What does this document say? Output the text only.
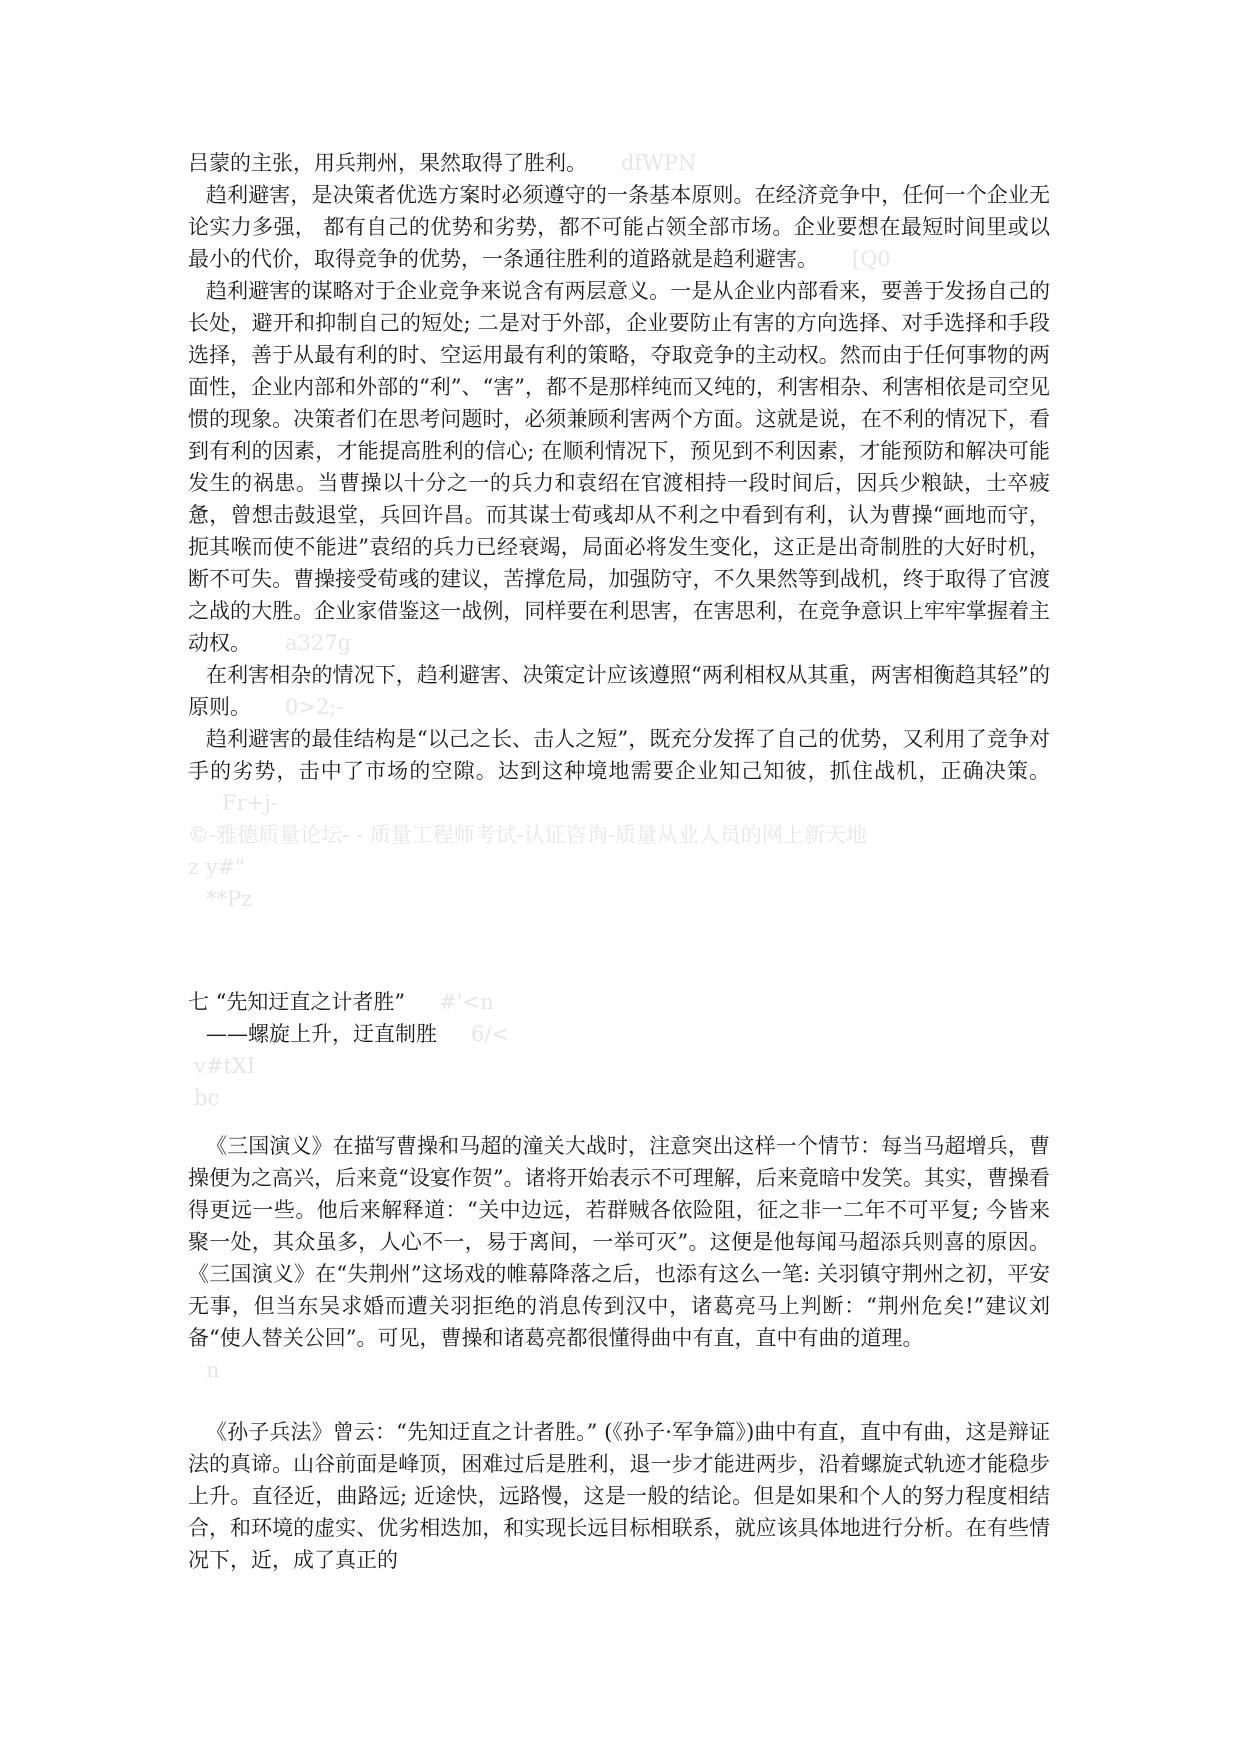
吕蒙的主张，用兵荆州，果然取得了胜利。 dfWPN

趋利避害，是决策者优选方案时必须遵守的一条基本原则。在经济竞争中，任何一个企业无论实力多强， 都有自己的优势和劣势，都不可能占领全部市场。企业要想在最短时间里或以最小的代价，取得竞争的优势，一条通往胜利的道路就是趋利避害。 [Q0

趋利避害的谋略对于企业竞争来说含有两层意义。一是从企业内部看来，要善于发扬自己的长处，避开和抑制自己的短处; 二是对于外部，企业要防止有害的方向选择、对手选择和手段选择，善于从最有利的时、空运用最有利的策略，夺取竞争的主动权。然而由于任何事物的两面性，企业内部和外部的“利”、“害”，都不是那样纯而又纯的，利害相杂、利害相依是司空见惯的现象。决策者们在思考问题时，必须兼顾利害两个方面。这就是说，在不利的情况下，看到有利的因素，才能提高胜利的信心; 在顺利情况下，预见到不利因素，才能预防和解决可能发生的祸患。当曹操以十分之一的兵力和袁绍在官渡相持一段时间后，因兵少粮缺，士卒疲惫，曾想击鼓退堂，兵回许昌。而其谋士荀彧却从不利之中看到有利，认为曹操“画地而守，扼其喉而使不能进”袁绍的兵力已经衰竭，局面必将发生变化，这正是出奇制胜的大好时机，断不可失。曹操接受荀彧的建议，苦撑危局，加强防守，不久果然等到战机，终于取得了官渡之战的大胜。企业家借鉴这一战例，同样要在利思害，在害思利，在竞争意识上牢牢掌握着主动权。 a327g

在利害相杂的情况下，趋利避害、决策定计应该遵照“两利相权从其重，两害相衡趋其轻”的原则。 0>2;-

趋利避害的最佳结构是“以己之长、击人之短”，既充分发挥了自己的优势，又利用了竞争对手的劣势，击中了市场的空隙。达到这种境地需要企业知己知彼，抓住战机，正确决策。Fr+j-

©-雅德质量论坛- - 质量工程师考试-认证咨询-质量从业人员的网上新天地

z y#"

**Pz

七 “先知迂直之计者胜” #'<n

——螺旋上升，迂直制胜 6/<

v#tXI

bc

《三国演义》在描写曹操和马超的潼关大战时，注意突出这样一个情节：每当马超增兵，曹操便为之高兴，后来竟“设宴作贺”。诸将开始表示不可理解，后来竟暗中发笑。其实，曹操看得更远一些。他后来解释道：“关中边远，若群贼各依险阻，征之非一二年不可平复; 今皆来聚一处，其众虽多，人心不一，易于离间，一举可灭”。这便是他每闻马超添兵则喜的原因。《三国演义》在“失荆州”这场戏的帷幕降落之后，也添有这么一笔: 关羽镇守荆州之初，平安无事，但当东吴求婚而遭关羽拒绝的消息传到汉中，诸葛亮马上判断：“荆州危矣!”建议刘备“使人替关公回”。可见，曹操和诸葛亮都很懂得曲中有直，直中有曲的道理。

n

《孙子兵法》曾云：“先知迂直之计者胜。” (《孙子·军争篇》)曲中有直，直中有曲，这是辩证法的真谛。山谷前面是峰顶，困难过后是胜利，退一步才能进两步，沿着螺旋式轨迹才能稳步上升。直径近，曲路远; 近途快，远路慢，这是一般的结论。但是如果和个人的努力程度相结合，和环境的虚实、优劣相迭加，和实现长远目标相联系，就应该具体地进行分析。在有些情况下，近，成了真正的
